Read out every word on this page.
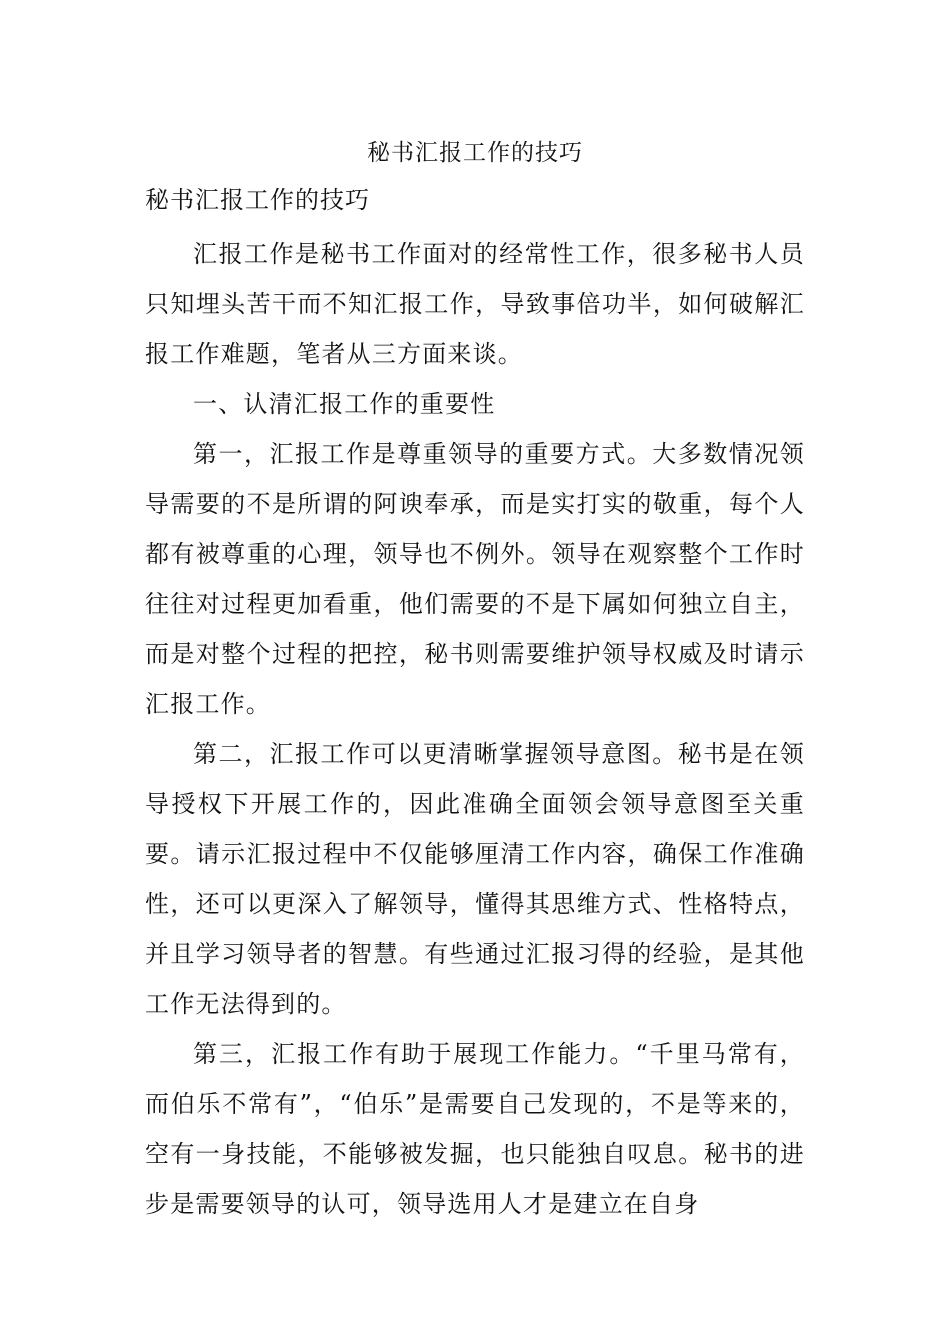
秘书汇报工作的技巧
秘书汇报工作的技巧

汇报工作是秘书工作面对的经常性工作，很多秘书人员只知埋头苦干而不知汇报工作，导致事倍功半，如何破解汇报工作难题，笔者从三方面来谈。

一、认清汇报工作的重要性

第一，汇报工作是尊重领导的重要方式。大多数情况领导需要的不是所谓的阿谀奉承，而是实打实的敬重，每个人都有被尊重的心理，领导也不例外。领导在观察整个工作时往往对过程更加看重，他们需要的不是下属如何独立自主，而是对整个过程的把控，秘书则需要维护领导权威及时请示汇报工作。

第二，汇报工作可以更清晰掌握领导意图。秘书是在领导授权下开展工作的，因此准确全面领会领导意图至关重要。请示汇报过程中不仅能够厘清工作内容，确保工作准确性，还可以更深入了解领导，懂得其思维方式、性格特点，并且学习领导者的智慧。有些通过汇报习得的经验，是其他工作无法得到的。

第三，汇报工作有助于展现工作能力。“千里马常有，而伯乐不常有”，“伯乐”是需要自己发现的，不是等来的，空有一身技能，不能够被发掘，也只能独自叹息。秘书的进步是需要领导的认可，领导选用人才是建立在自身
